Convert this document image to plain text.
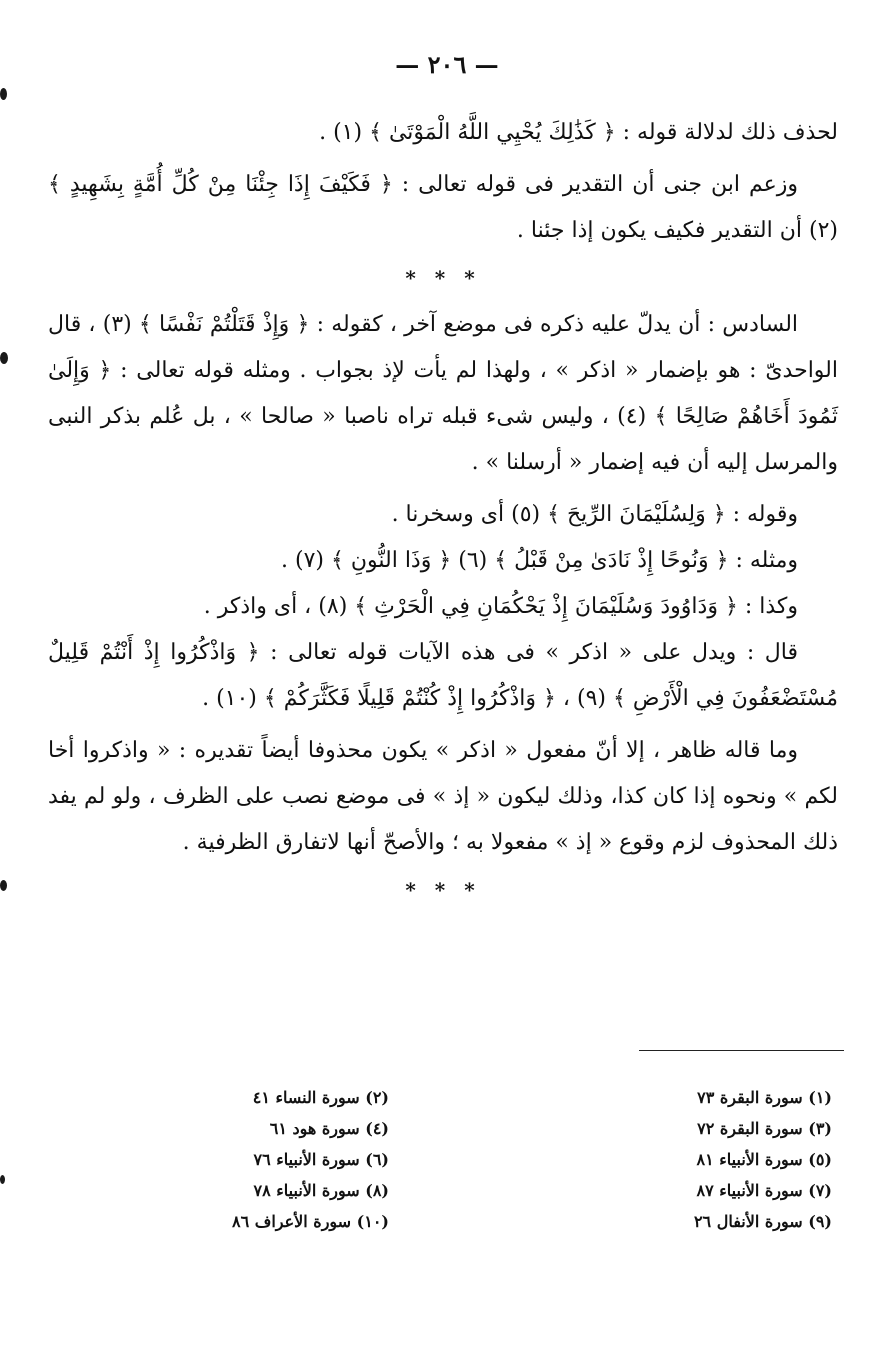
— ٢٠٦ —

لحذف ذلك لدلالة قوله : ﴿ كَذَٰلِكَ يُحْيِي اللَّهُ الْمَوْتَىٰ ﴾ (١) .

وزعم ابن جنى أن التقدير فى قوله تعالى : ﴿ فَكَيْفَ إِذَا جِئْنَا مِنْ كُلِّ أُمَّةٍ بِشَهِيدٍ ﴾ (٢) أن التقدير فكيف يكون إذا جئنا .

* * *

السادس : أن يدلّ عليه ذكره فى موضع آخر ، كقوله : ﴿ وَإِذْ قَتَلْتُمْ نَفْسًا ﴾ (٣) ، قال الواحدىّ : هو بإضمار « اذكر » ، ولهذا لم يأت لإذ بجواب . ومثله قوله تعالى : ﴿ وَإِلَىٰ ثَمُودَ أَخَاهُمْ صَالِحًا ﴾ (٤) ، وليس شىء قبله تراه ناصبا « صالحا » ، بل عُلم بذكر النبى والمرسل إليه أن فيه إضمار « أرسلنا » .

وقوله : ﴿ وَلِسُلَيْمَانَ الرِّيحَ ﴾ (٥) أى وسخرنا .

ومثله : ﴿ وَنُوحًا إِذْ نَادَىٰ مِنْ قَبْلُ ﴾ (٦) ﴿ وَذَا النُّونِ ﴾ (٧) .

وكذا : ﴿ وَدَاوُودَ وَسُلَيْمَانَ إِذْ يَحْكُمَانِ فِي الْحَرْثِ ﴾ (٨) ، أى واذكر .

قال : ويدل على « اذكر » فى هذه الآيات قوله تعالى : ﴿ وَاذْكُرُوا إِذْ أَنْتُمْ قَلِيلٌ مُسْتَضْعَفُونَ فِي الْأَرْضِ ﴾ (٩) ، ﴿ وَاذْكُرُوا إِذْ كُنْتُمْ قَلِيلًا فَكَثَّرَكُمْ ﴾ (١٠) .

وما قاله ظاهر ، إلا أنّ مفعول « اذكر » يكون محذوفا أيضاً تقديره : « واذكروا أخا لكم » ونحوه إذا كان كذا، وذلك ليكون « إذ » فى موضع نصب على الظرف ، ولو لم يفد ذلك المحذوف لزم وقوع « إذ » مفعولا به ؛ والأصحّ أنها لاتفارق الظرفية .

* * *
(١) سورة البقرة ٧٣
(٣) سورة البقرة ٧٢
(٥) سورة الأنبياء ٨١
(٧) سورة الأنبياء ٨٧
(٩) سورة الأنفال ٢٦
(٢) سورة النساء ٤١
(٤) سورة هود ٦١
(٦) سورة الأنبياء ٧٦
(٨) سورة الأنبياء ٧٨
(١٠) سورة الأعراف ٨٦
